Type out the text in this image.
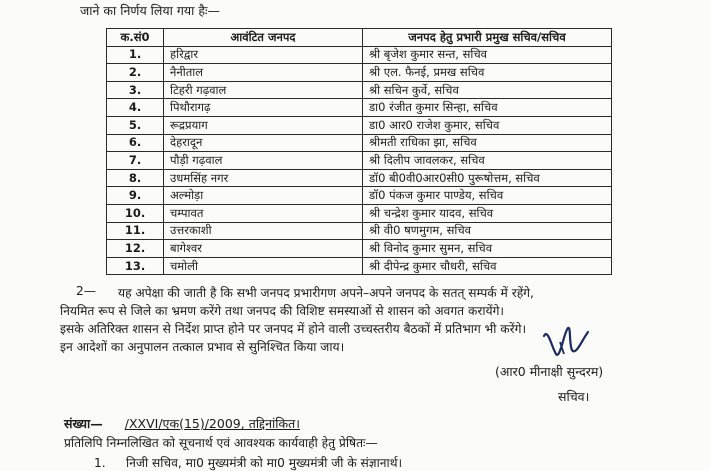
जाने का निर्णय लिया गया हैः—
क.सं0	आवंटित जनपद	जनपद हेतु प्रभारी प्रमुख सचिव/सचिव
1.	हरिद्वार	श्री बृजेश कुमार सन्त, सचिव
2.	नैनीताल	श्री एल. फैनई, प्रमख सचिव
3.	टिहरी गढ़वाल	श्री सचिन कुर्वे, सचिव
4.	पिथौरागढ़	डा0 रंजीत कुमार सिन्हा, सचिव
5.	रूद्रप्रयाग	डा0 आर0 राजेश कुमार, सचिव
6.	देहरादून	श्रीमती राधिका झा, सचिव
7.	पौड़ी गढ़वाल	श्री दिलीप जावलकर, सचिव
8.	उधमसिंह नगर	डॉ0 बी0वी0आर0सी0 पुरूषोत्तम, सचिव
9.	अल्मोड़ा	डॉ0 पंकज कुमार पाण्डेय, सचिव
10.	चम्पावत	श्री चन्द्रेश कुमार यादव, सचिव
11.	उत्तरकाशी	श्री वी0 षणमुगम, सचिव
12.	बागेश्वर	श्री विनोद कुमार सुमन, सचिव
13.	चमोली	श्री दीपेन्द्र कुमार चौधरी, सचिव
2— यह अपेक्षा की जाती है कि सभी जनपद प्रभारीगण अपने–अपने जनपद के सतत् सम्पर्क में रहेंगे,
नियमित रूप से जिले का भ्रमण करेंगे तथा जनपद की विशिष्ट समस्याओं से शासन को अवगत करायेंगे।
इसके अतिरिक्त शासन से निर्देश प्राप्त होने पर जनपद में होने वाली उच्चस्तरीय बैठकों में प्रतिभाग भी करेंगे।
इन आदेशों का अनुपालन तत्काल प्रभाव से सुनिश्चित किया जाय।
(आर0 मीनाक्षी सुन्दरम)
सचिव।
संख्या— /XXVI/एक(15)/2009, तद्दिनांकित।
प्रतिलिपि निम्नलिखित को सूचनार्थ एवं आवश्यक कार्यवाही हेतु प्रेषितः—
1. निजी सचिव, मा0 मुख्यमंत्री को मा0 मुख्यमंत्री जी के संज्ञानार्थ।
